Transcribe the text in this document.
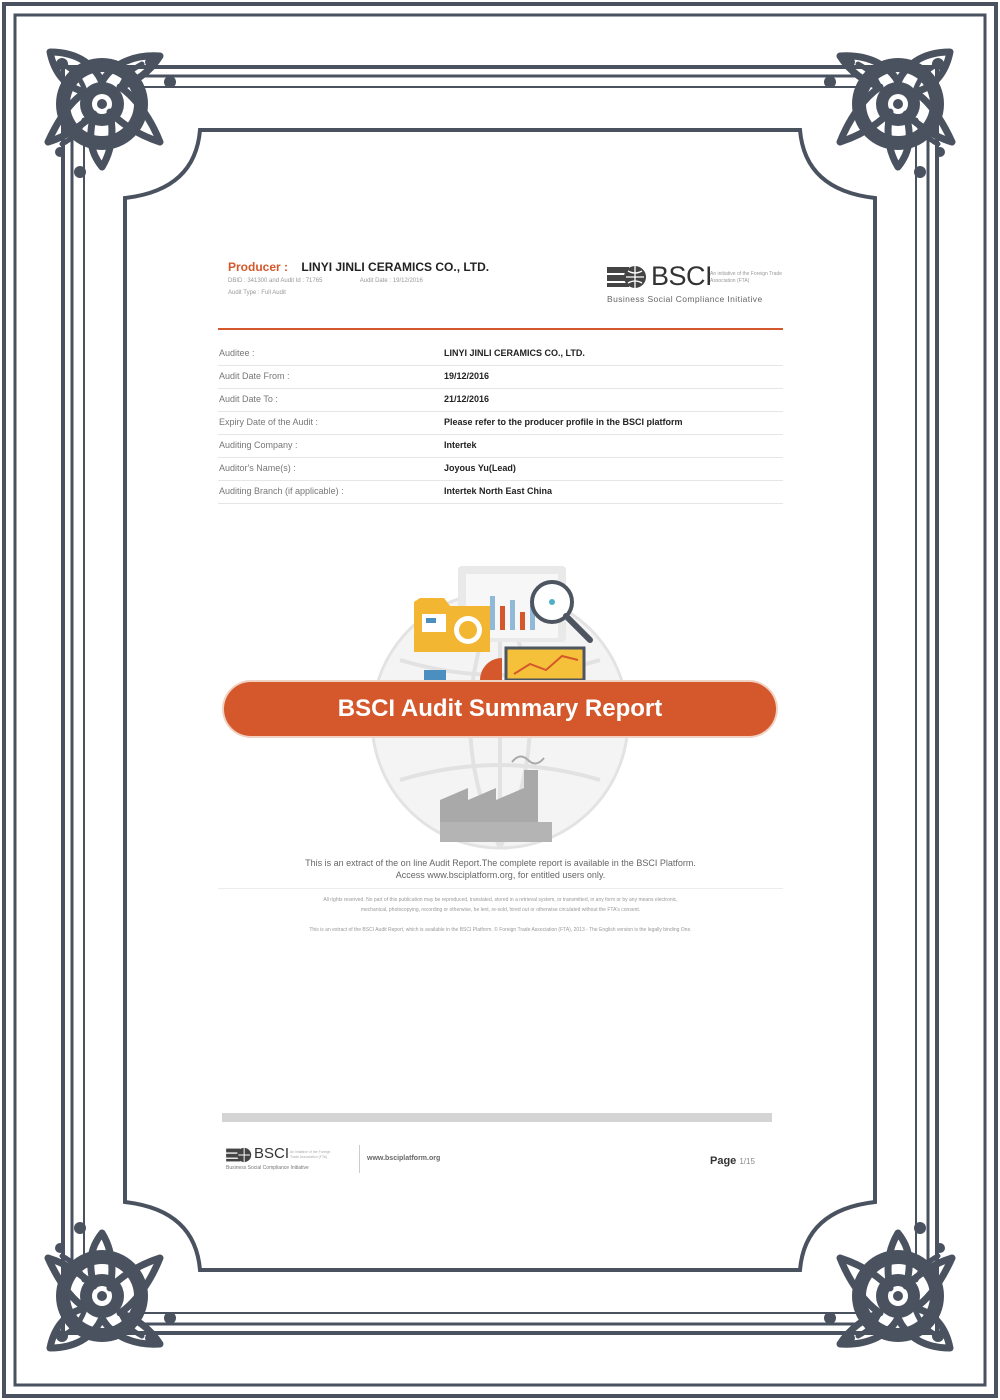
Producer : LINYI JINLI CERAMICS CO., LTD.
DBID : 341300 and Audit Id : 71765	Audit Date : 19/12/2016
Audit Type : Full Audit
BSCI
An initiative of the Foreign Trade Association (FTA)
Business Social Compliance Initiative
Auditee :	LINYI JINLI CERAMICS CO., LTD.
Audit Date From :	19/12/2016
Audit Date To :	21/12/2016
Expiry Date of the Audit :	Please refer to the producer profile in the BSCI platform
Auditing Company :	Intertek
Auditor's Name(s) :	Joyous Yu(Lead)
Auditing Branch (if applicable) :	Intertek North East China
BSCI Audit Summary Report
This is an extract of the on line Audit Report.The complete report is available in the BSCI Platform.
Access www.bsciplatform.org, for entitled users only.
All rights reserved. No part of this publication may be reproduced, translated, stored in a retrieval system, or transmitted, in any form or by any means electronic,
mechanical, photocopying, recording or otherwise, be lent, re-sold, hired out or otherwise circulated without the FTA's consent.
This is an extract of the BSCI Audit Report, which is available in the BSCI Platform. © Foreign Trade Association (FTA), 2013 - The English version is the legally binding One.
BSCI An initiative of the Foreign Trade Association (FTA)
Business Social Compliance Initiative
www.bsciplatform.org	Page 1/15
